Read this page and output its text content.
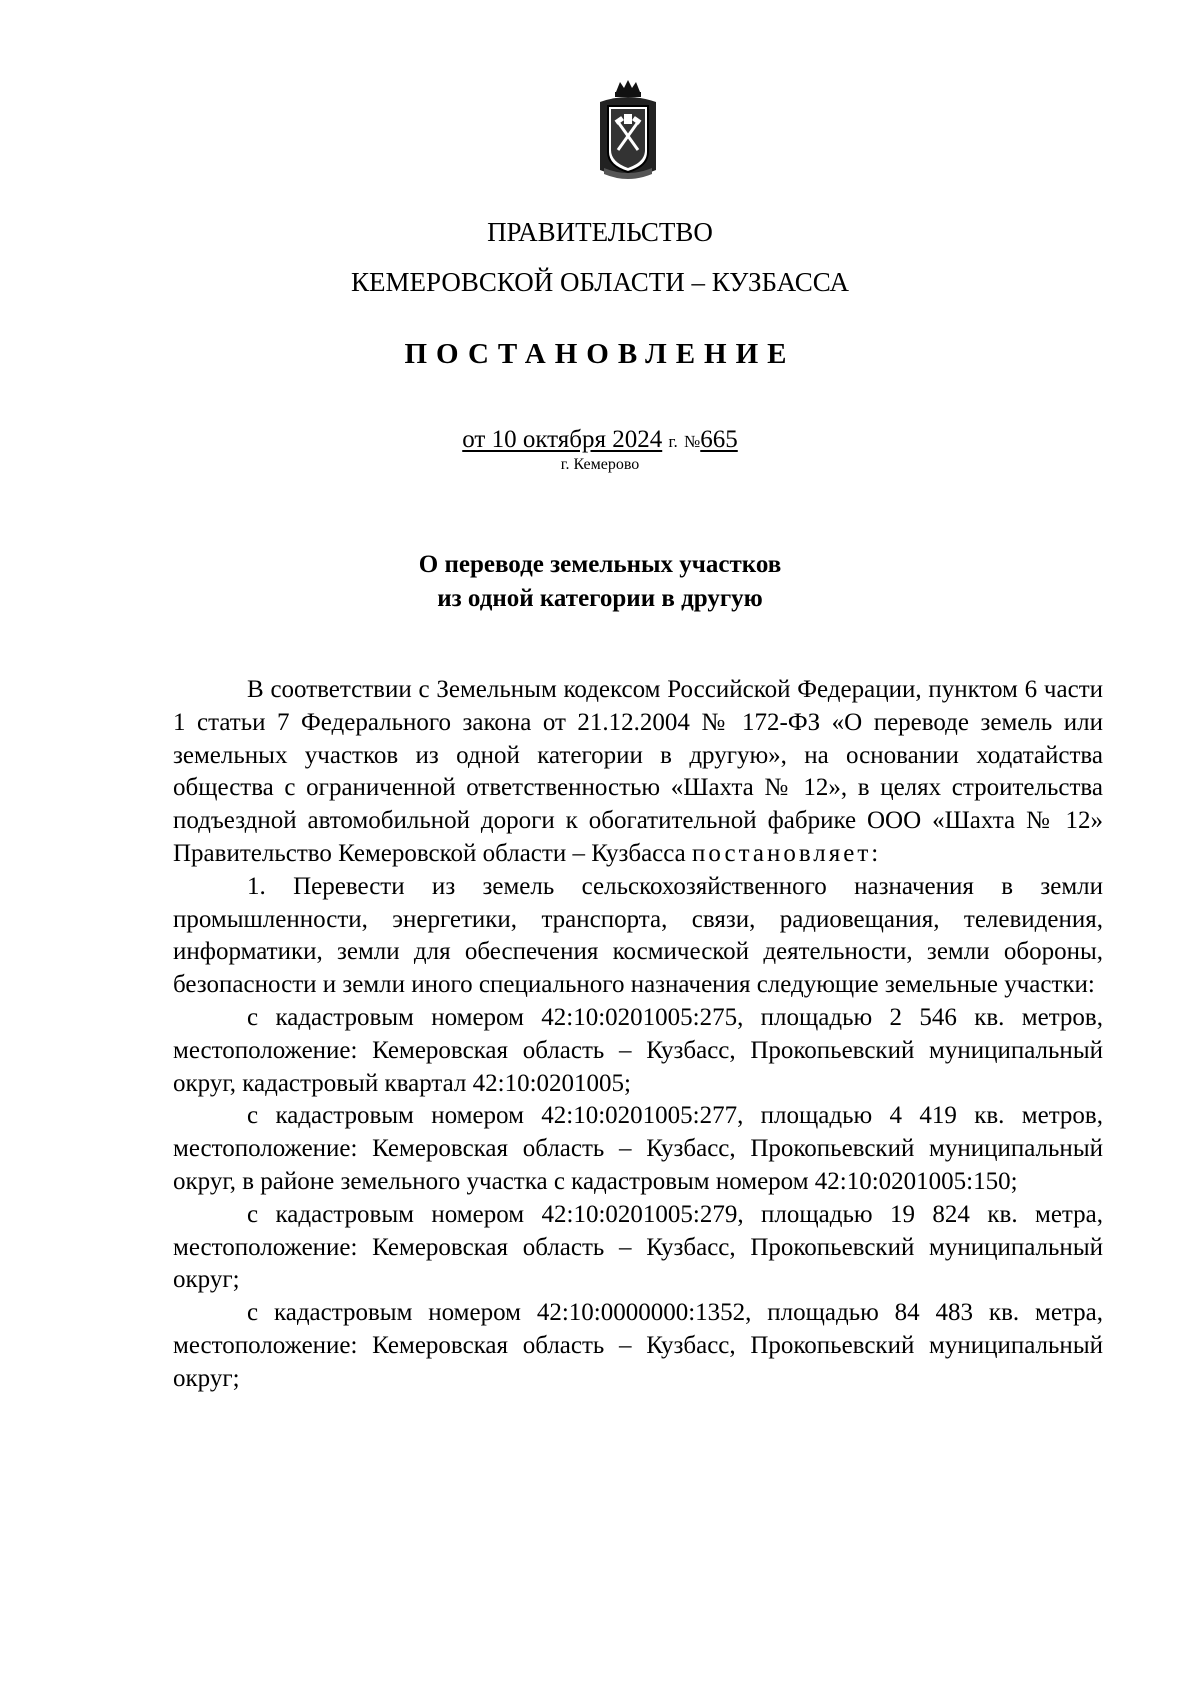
ПРАВИТЕЛЬСТВО
КЕМЕРОВСКОЙ ОБЛАСТИ – КУЗБАССА
ПОСТАНОВЛЕНИЕ
от 10 октября 2024 г. №665
г. Кемерово
О переводе земельных участков
из одной категории в другую

В соответствии с Земельным кодексом Российской Федерации, пунктом 6 части 1 статьи 7 Федерального закона от 21.12.2004 № 172-ФЗ «О переводе земель или земельных участков из одной категории в другую», на основании ходатайства общества с ограниченной ответственностью «Шахта № 12», в целях строительства подъездной автомобильной дороги к обогатительной фабрике ООО «Шахта № 12» Правительство Кемеровской области – Кузбасса постановляет:

1. Перевести из земель сельскохозяйственного назначения в земли промышленности, энергетики, транспорта, связи, радиовещания, телевидения, информатики, земли для обеспечения космической деятельности, земли обороны, безопасности и земли иного специального назначения следующие земельные участки:

с кадастровым номером 42:10:0201005:275, площадью 2 546 кв. метров, местоположение: Кемеровская область – Кузбасс, Прокопьевский муниципальный округ, кадастровый квартал 42:10:0201005;

с кадастровым номером 42:10:0201005:277, площадью 4 419 кв. метров, местоположение: Кемеровская область – Кузбасс, Прокопьевский муниципальный округ, в районе земельного участка с кадастровым номером 42:10:0201005:150;

с кадастровым номером 42:10:0201005:279, площадью 19 824 кв. метра, местоположение: Кемеровская область – Кузбасс, Прокопьевский муниципальный округ;

с кадастровым номером 42:10:0000000:1352, площадью 84 483 кв. метра, местоположение: Кемеровская область – Кузбасс, Прокопьевский муниципальный округ;
